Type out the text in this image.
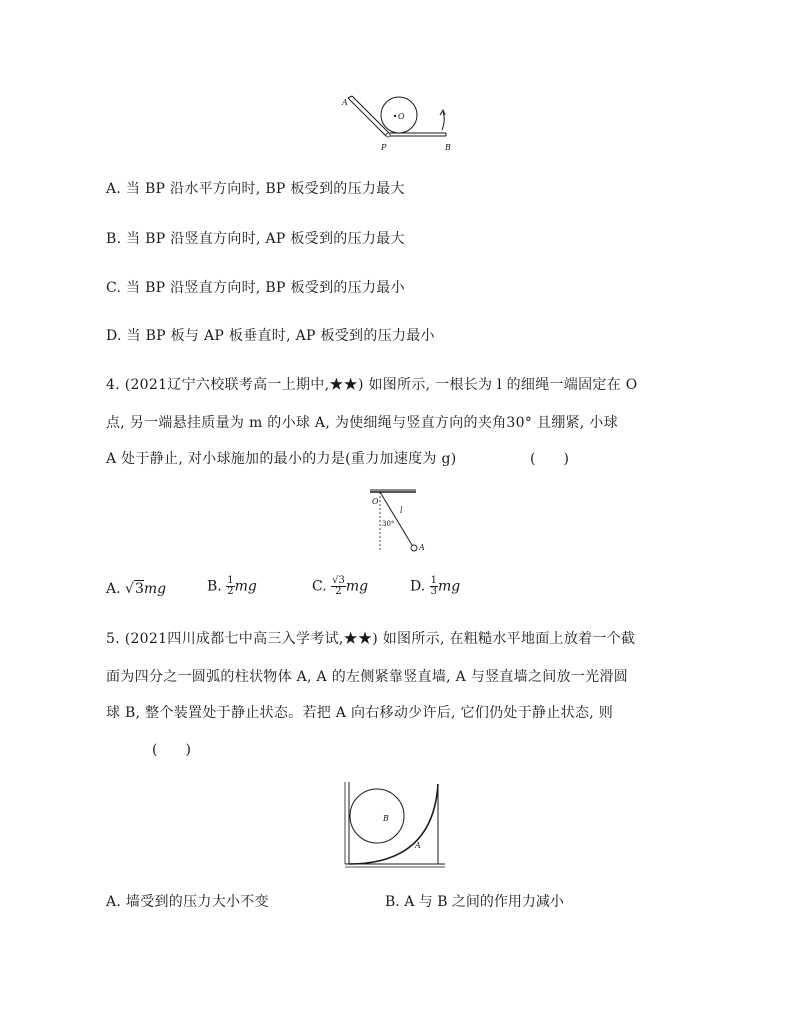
A
O
P	B
A. 当 BP 沿水平方向时, BP 板受到的压力最大
B. 当 BP 沿竖直方向时, AP 板受到的压力最大
C. 当 BP 沿竖直方向时, BP 板受到的压力最小
D. 当 BP 板与 AP 板垂直时, AP 板受到的压力最小
4. (2021辽宁六校联考高一上期中,★★) 如图所示, 一根长为 l 的细绳一端固定在 O
点, 另一端悬挂质量为 m 的小球 A, 为使细绳与竖直方向的夹角30° 且绷紧, 小球
A 处于静止, 对小球施加的最小的力是(重力加速度为 g)	(　　)
O
l
30°
A
A. √3mg	B. $\frac{1}{2}$ mg	C. $\frac{√3}{2}$ mg	D. $\frac{1}{3}$ mg
5. (2021四川成都七中高三入学考试,★★) 如图所示, 在粗糙水平地面上放着一个截
面为四分之一圆弧的柱状物体 A, A 的左侧紧靠竖直墙, A 与竖直墙之间放一光滑圆
球 B, 整个装置处于静止状态。若把 A 向右移动少许后, 它们仍处于静止状态, 则
(　　)
B
A
A. 墙受到的压力大小不变	B. A 与 B 之间的作用力减小
